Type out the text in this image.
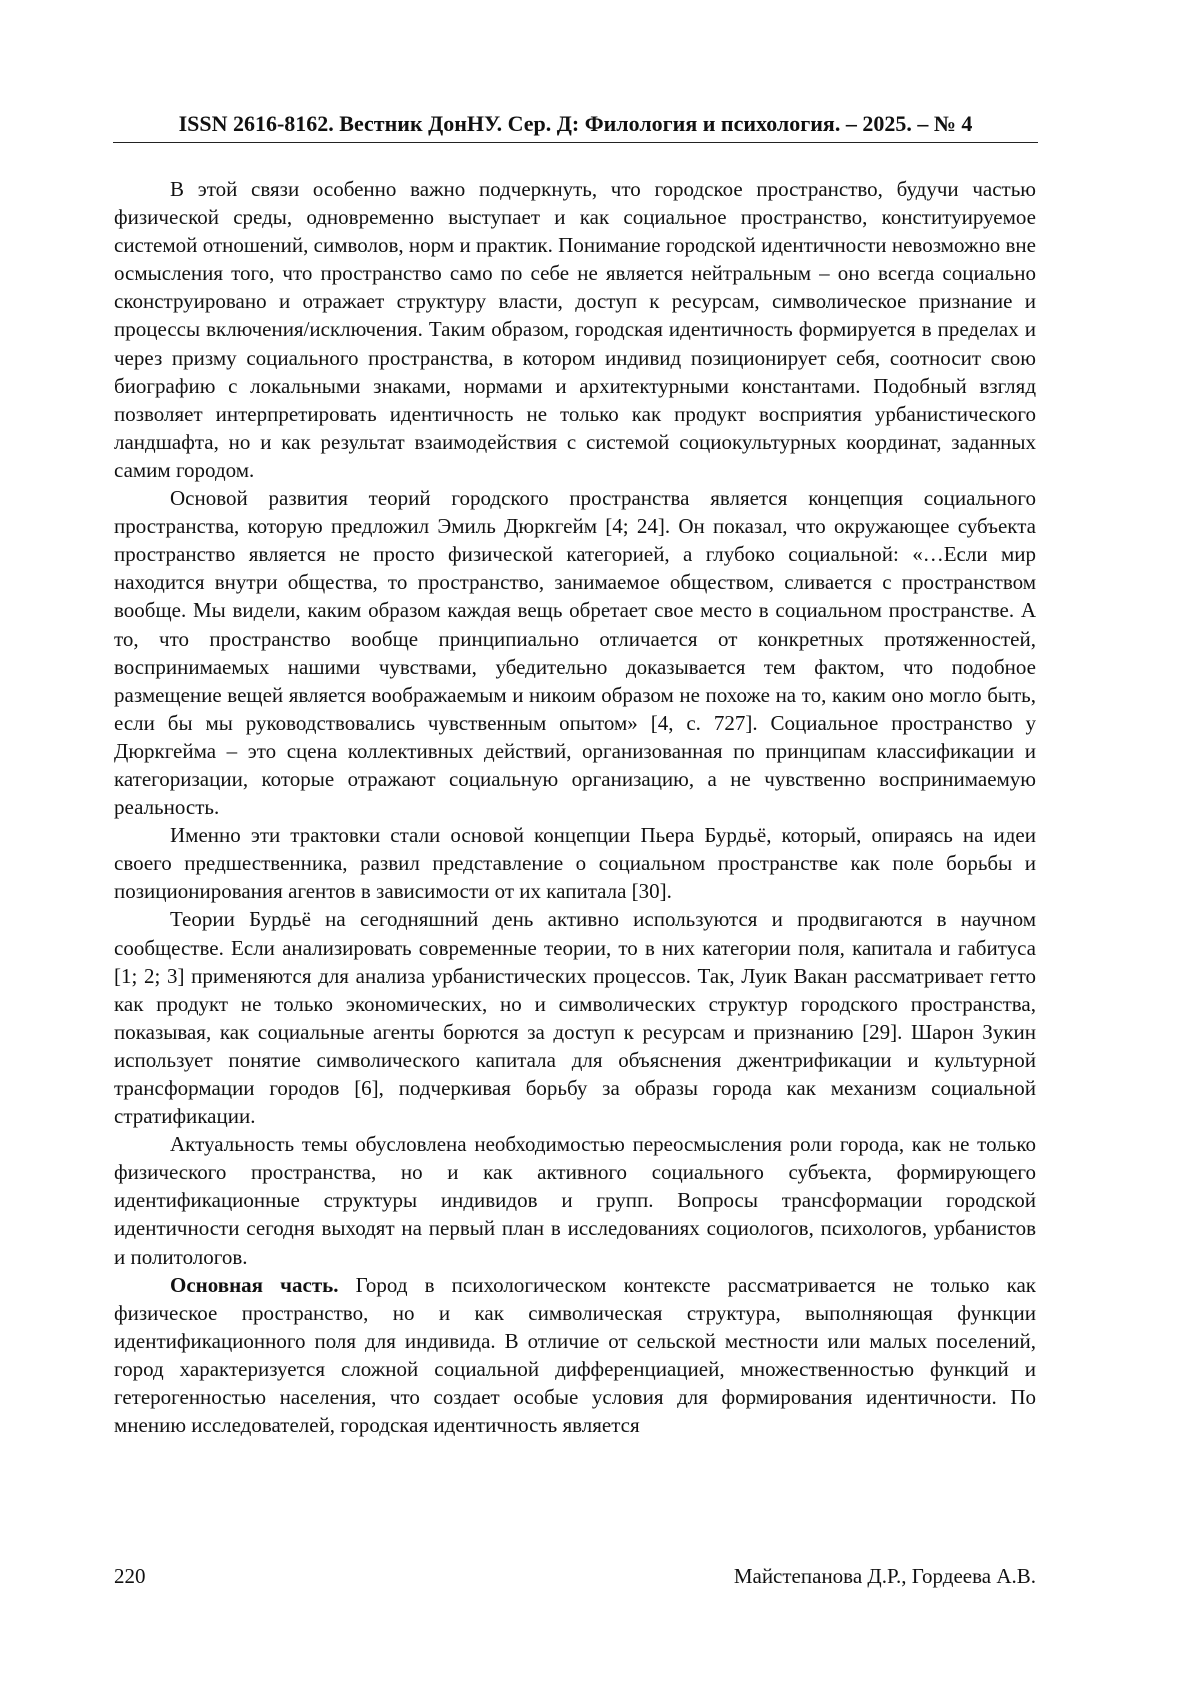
ISSN 2616-8162. Вестник ДонНУ. Сер. Д: Филология и психология. – 2025. – № 4

В этой связи особенно важно подчеркнуть, что городское пространство, будучи частью физической среды, одновременно выступает и как социальное пространство, конституируемое системой отношений, символов, норм и практик. Понимание городской идентичности невозможно вне осмысления того, что пространство само по себе не является нейтральным – оно всегда социально сконструировано и отражает структуру власти, доступ к ресурсам, символическое признание и процессы включения/исключения. Таким образом, городская идентичность формируется в пределах и через призму социального пространства, в котором индивид позиционирует себя, соотносит свою биографию с локальными знаками, нормами и архитектурными константами. Подобный взгляд позволяет интерпретировать идентичность не только как продукт восприятия урбанистического ландшафта, но и как результат взаимодействия с системой социокультурных координат, заданных самим городом.

Основой развития теорий городского пространства является концепция социального пространства, которую предложил Эмиль Дюркгейм [4; 24]. Он показал, что окружающее субъекта пространство является не просто физической категорией, а глубоко социальной: «…Если мир находится внутри общества, то пространство, занимаемое обществом, сливается с пространством вообще. Мы видели, каким образом каждая вещь обретает свое место в социальном пространстве. А то, что пространство вообще принципиально отличается от конкретных протяженностей, воспринимаемых нашими чувствами, убедительно доказывается тем фактом, что подобное размещение вещей является воображаемым и никоим образом не похоже на то, каким оно могло быть, если бы мы руководствовались чувственным опытом» [4, с. 727]. Социальное пространство у Дюркгейма – это сцена коллективных действий, организованная по принципам классификации и категоризации, которые отражают социальную организацию, а не чувственно воспринимаемую реальность.

Именно эти трактовки стали основой концепции Пьера Бурдьё, который, опираясь на идеи своего предшественника, развил представление о социальном пространстве как поле борьбы и позиционирования агентов в зависимости от их капитала [30].

Теории Бурдьё на сегодняшний день активно используются и продвигаются в научном сообществе. Если анализировать современные теории, то в них категории поля, капитала и габитуса [1; 2; 3] применяются для анализа урбанистических процессов. Так, Луик Вакан рассматривает гетто как продукт не только экономических, но и символических структур городского пространства, показывая, как социальные агенты борются за доступ к ресурсам и признанию [29]. Шарон Зукин использует понятие символического капитала для объяснения джентрификации и культурной трансформации городов [6], подчеркивая борьбу за образы города как механизм социальной стратификации.

Актуальность темы обусловлена необходимостью переосмысления роли города, как не только физического пространства, но и как активного социального субъекта, формирующего идентификационные структуры индивидов и групп. Вопросы трансформации городской идентичности сегодня выходят на первый план в исследованиях социологов, психологов, урбанистов и политологов.

Основная часть. Город в психологическом контексте рассматривается не только как физическое пространство, но и как символическая структура, выполняющая функции идентификационного поля для индивида. В отличие от сельской местности или малых поселений, город характеризуется сложной социальной дифференциацией, множественностью функций и гетерогенностью населения, что создает особые условия для формирования идентичности. По мнению исследователей, городская идентичность является

220	Майстепанова Д.Р., Гордеева А.В.
